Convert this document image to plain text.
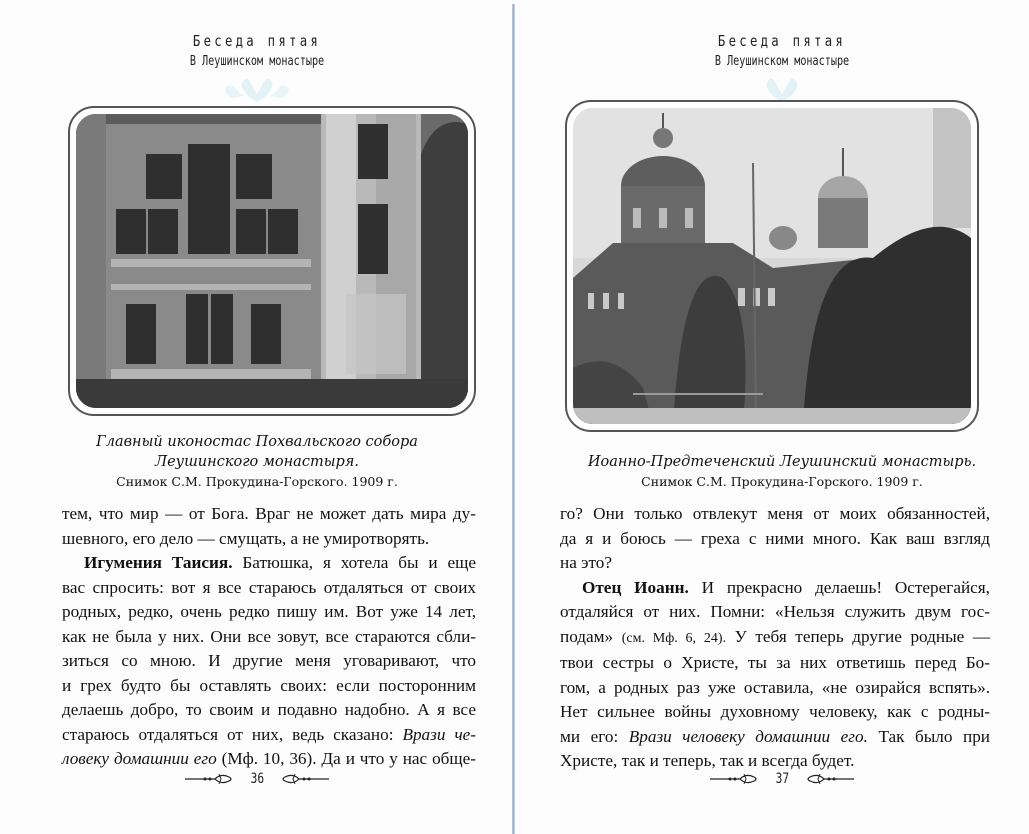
Беседа пятая
В Леушинском монастыре
Главный иконостас Похвальского собора
Леушинского монастыря.
Снимок С.М. Прокудина-Горского. 1909 г.
тем, что мир — от Бога. Враг не может дать мира ду-
шевного, его дело — смущать, а не умиротворять.
Игумения Таисия. Батюшка, я хотела бы и еще
вас спросить: вот я все стараюсь отдаляться от своих
родных, редко, очень редко пишу им. Вот уже 14 лет,
как не была у них. Они все зовут, все стараются сбли-
зиться со мною. И другие меня уговаривают, что
и грех будто бы оставлять своих: если посторонним
делаешь добро, то своим и подавно надобно. А я все
стараюсь отдаляться от них, ведь сказано: Врази че-
ловеку домашнии его (Мф. 10, 36). Да и что у нас обще-
36
Беседа пятая
В Леушинском монастыре
Иоанно-Предтеченский Леушинский монастырь.
Снимок С.М. Прокудина-Горского. 1909 г.
го? Они только отвлекут меня от моих обязанностей,
да я и боюсь — греха с ними много. Как ваш взгляд
на это?
Отец Иоанн. И прекрасно делаешь! Остерегайся,
отдаляйся от них. Помни: «Нельзя служить двум гос-
подам» (см. Мф. 6, 24). У тебя теперь другие родные —
твои сестры о Христе, ты за них ответишь перед Бо-
гом, а родных раз уже оставила, «не озирайся вспять».
Нет сильнее войны духовному человеку, как с родны-
ми его: Врази человеку домашнии его. Так было при
Христе, так и теперь, так и всегда будет.
37
